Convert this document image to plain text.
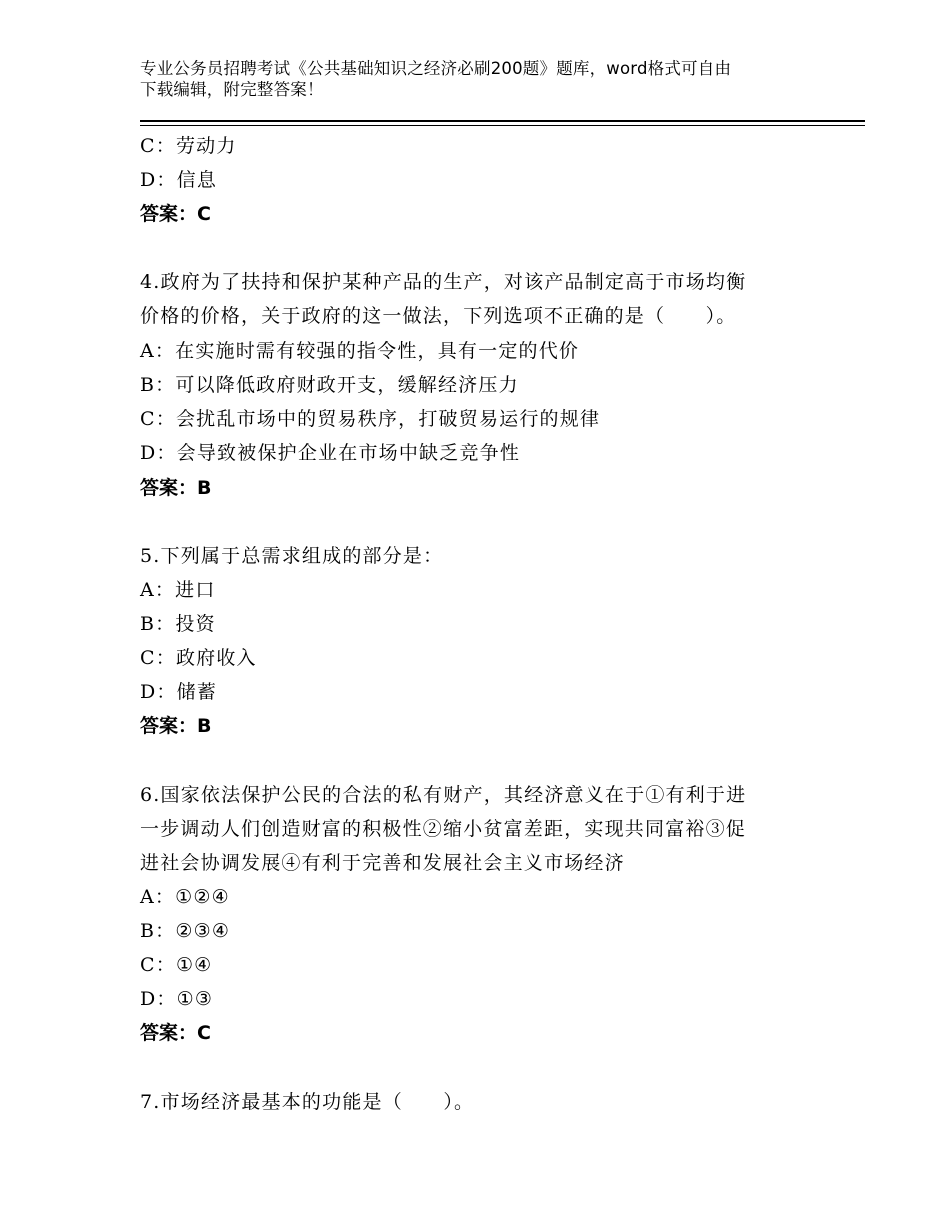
专业公务员招聘考试《公共基础知识之经济必刷200题》题库，word格式可自由
下载编辑，附完整答案！
C：劳动力
D：信息
答案：C
4.政府为了扶持和保护某种产品的生产，对该产品制定高于市场均衡
价格的价格，关于政府的这一做法，下列选项不正确的是（　　）。
A：在实施时需有较强的指令性，具有一定的代价
B：可以降低政府财政开支，缓解经济压力
C：会扰乱市场中的贸易秩序，打破贸易运行的规律
D：会导致被保护企业在市场中缺乏竞争性
答案：B
5.下列属于总需求组成的部分是：
A：进口
B：投资
C：政府收入
D：储蓄
答案：B
6.国家依法保护公民的合法的私有财产，其经济意义在于①有利于进
一步调动人们创造财富的积极性②缩小贫富差距，实现共同富裕③促
进社会协调发展④有利于完善和发展社会主义市场经济
A：①②④
B：②③④
C：①④
D：①③
答案：C
7.市场经济最基本的功能是（　　）。
